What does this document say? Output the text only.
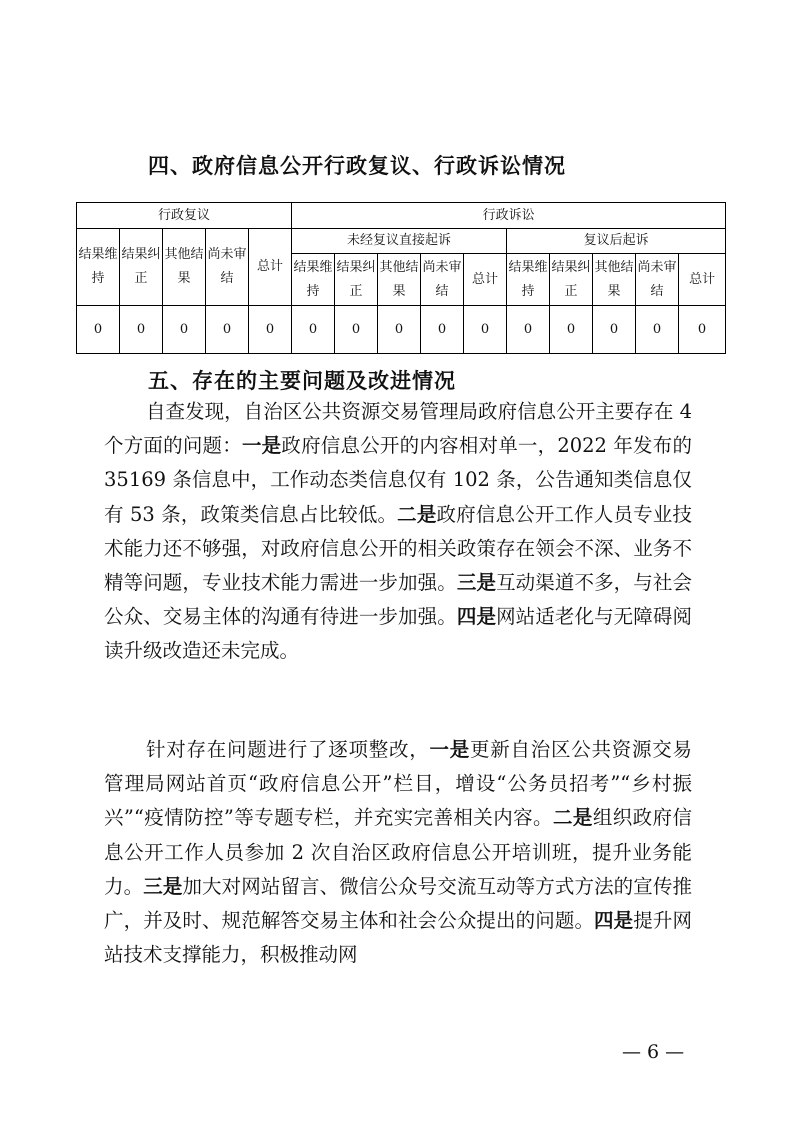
四、政府信息公开行政复议、行政诉讼情况
行政复议					行政诉讼									
结果维持	结果纠正	其他结果	尚未审结	总计	未经复议直接起诉					复议后起诉				
					结果维持	结果纠正	其他结果	尚未审结	总计	结果维持	结果纠正	其他结果	尚未审结	总计
0	0	0	0	0	0	0	0	0	0	0	0	0	0	0
五、存在的主要问题及改进情况

自查发现，自治区公共资源交易管理局政府信息公开主要存在 4 个方面的问题：一是政府信息公开的内容相对单一，2022 年发布的 35169 条信息中，工作动态类信息仅有 102 条，公告通知类信息仅有 53 条，政策类信息占比较低。二是政府信息公开工作人员专业技术能力还不够强，对政府信息公开的相关政策存在领会不深、业务不精等问题，专业技术能力需进一步加强。三是互动渠道不多，与社会公众、交易主体的沟通有待进一步加强。四是网站适老化与无障碍阅读升级改造还未完成。

针对存在问题进行了逐项整改，一是更新自治区公共资源交易管理局网站首页“政府信息公开”栏目，增设“公务员招考”“乡村振兴”“疫情防控”等专题专栏，并充实完善相关内容。二是组织政府信息公开工作人员参加 2 次自治区政府信息公开培训班，提升业务能力。三是加大对网站留言、微信公众号交流互动等方式方法的宣传推广，并及时、规范解答交易主体和社会公众提出的问题。四是提升网站技术支撑能力，积极推动网

— 6 —
